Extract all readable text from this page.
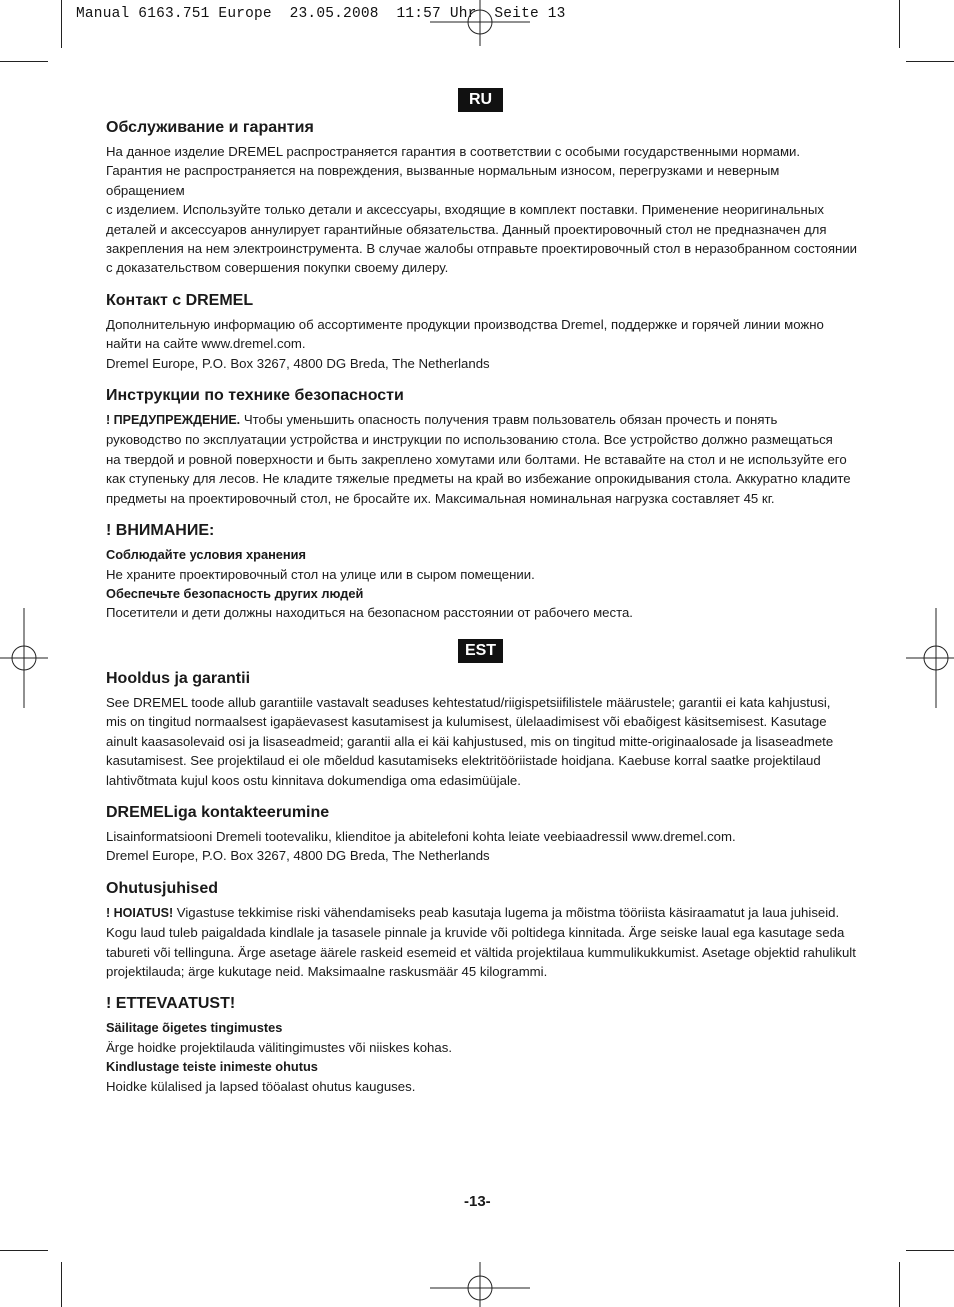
Manual 6163.751 Europe  23.05.2008  11:57 Uhr  Seite 13
RU
EST
Обслуживание и гарантия

На данное изделие DREMEL распространяется гарантия в соответствии с особыми государственными нормами.

Гарантия не распространяется на повреждения, вызванные нормальным износом, перегрузками и неверным обращением

с изделием. Используйте только детали и аксессуары, входящие в комплект поставки. Применение неоригинальных

деталей и аксессуаров аннулирует гарантийные обязательства. Данный проектировочный стол не предназначен для

закрепления на нем электроинструмента. В случае жалобы отправьте проектировочный стол в неразобранном состоянии

с доказательством совершения покупки своему дилеру.

Контакт с DREMEL

Дополнительную информацию об ассортименте продукции производства Dremel, поддержке и горячей линии можно

найти на сайте www.dremel.com.

Dremel Europe, P.O. Box 3267, 4800 DG Breda, The Netherlands

Инструкции по технике безопасности

! ПРЕДУПРЕЖДЕНИЕ. Чтобы уменьшить опасность получения травм пользователь обязан прочесть и понять

руководство по эксплуатации устройства и инструкции по использованию стола. Все устройство должно размещаться

на твердой и ровной поверхности и быть закреплено хомутами или болтами. Не вставайте на стол и не используйте его

как ступеньку для лесов. Не кладите тяжелые предметы на край во избежание опрокидывания стола. Аккуратно кладите

предметы на проектировочный стол, не бросайте их. Максимальная номинальная нагрузка составляет 45 кг.

! ВНИМАНИЕ:

Соблюдайте условия хранения

Не храните проектировочный стол на улице или в сыром помещении.

Обеспечьте безопасность других людей

Посетители и дети должны находиться на безопасном расстоянии от рабочего места.

Hooldus ja garantii

See DREMEL toode allub garantiile vastavalt seaduses kehtestatud/riigispetsiifilistele määrustele; garantii ei kata kahjustusi,

mis on tingitud normaalsest igapäevasest kasutamisest ja kulumisest, ülelaadimisest või ebaõigest käsitsemisest. Kasutage

ainult kaasasolevaid osi ja lisaseadmeid; garantii alla ei käi kahjustused, mis on tingitud mitte-originaalosade ja lisaseadmete

kasutamisest. See projektilaud ei ole mõeldud kasutamiseks elektritööriistade hoidjana. Kaebuse korral saatke projektilaud

lahtivõtmata kujul koos ostu kinnitava dokumendiga oma edasimüüjale.

DREMELiga kontakteerumine

Lisainformatsiooni Dremeli tootevaliku, klienditoe ja abitelefoni kohta leiate veebiaadressil www.dremel.com.

Dremel Europe, P.O. Box 3267, 4800 DG Breda, The Netherlands

Ohutusjuhised

! HOIATUS! Vigastuse tekkimise riski vähendamiseks peab kasutaja lugema ja mõistma tööriista käsiraamatut ja laua juhiseid.

Kogu laud tuleb paigaldada kindlale ja tasasele pinnale ja kruvide või poltidega kinnitada. Ärge seiske laual ega kasutage seda

tabureti või tellinguna. Ärge asetage äärele raskeid esemeid et vältida projektilaua kummulikukkumist. Asetage objektid rahulikult

projektilauda; ärge kukutage neid. Maksimaalne raskusmäär 45 kilogrammi.

! ETTEVAATUST!

Säilitage õigetes tingimustes

Ärge hoidke projektilauda välitingimustes või niiskes kohas.

Kindlustage teiste inimeste ohutus

Hoidke külalised ja lapsed tööalast ohutus kauguses.

-13-
